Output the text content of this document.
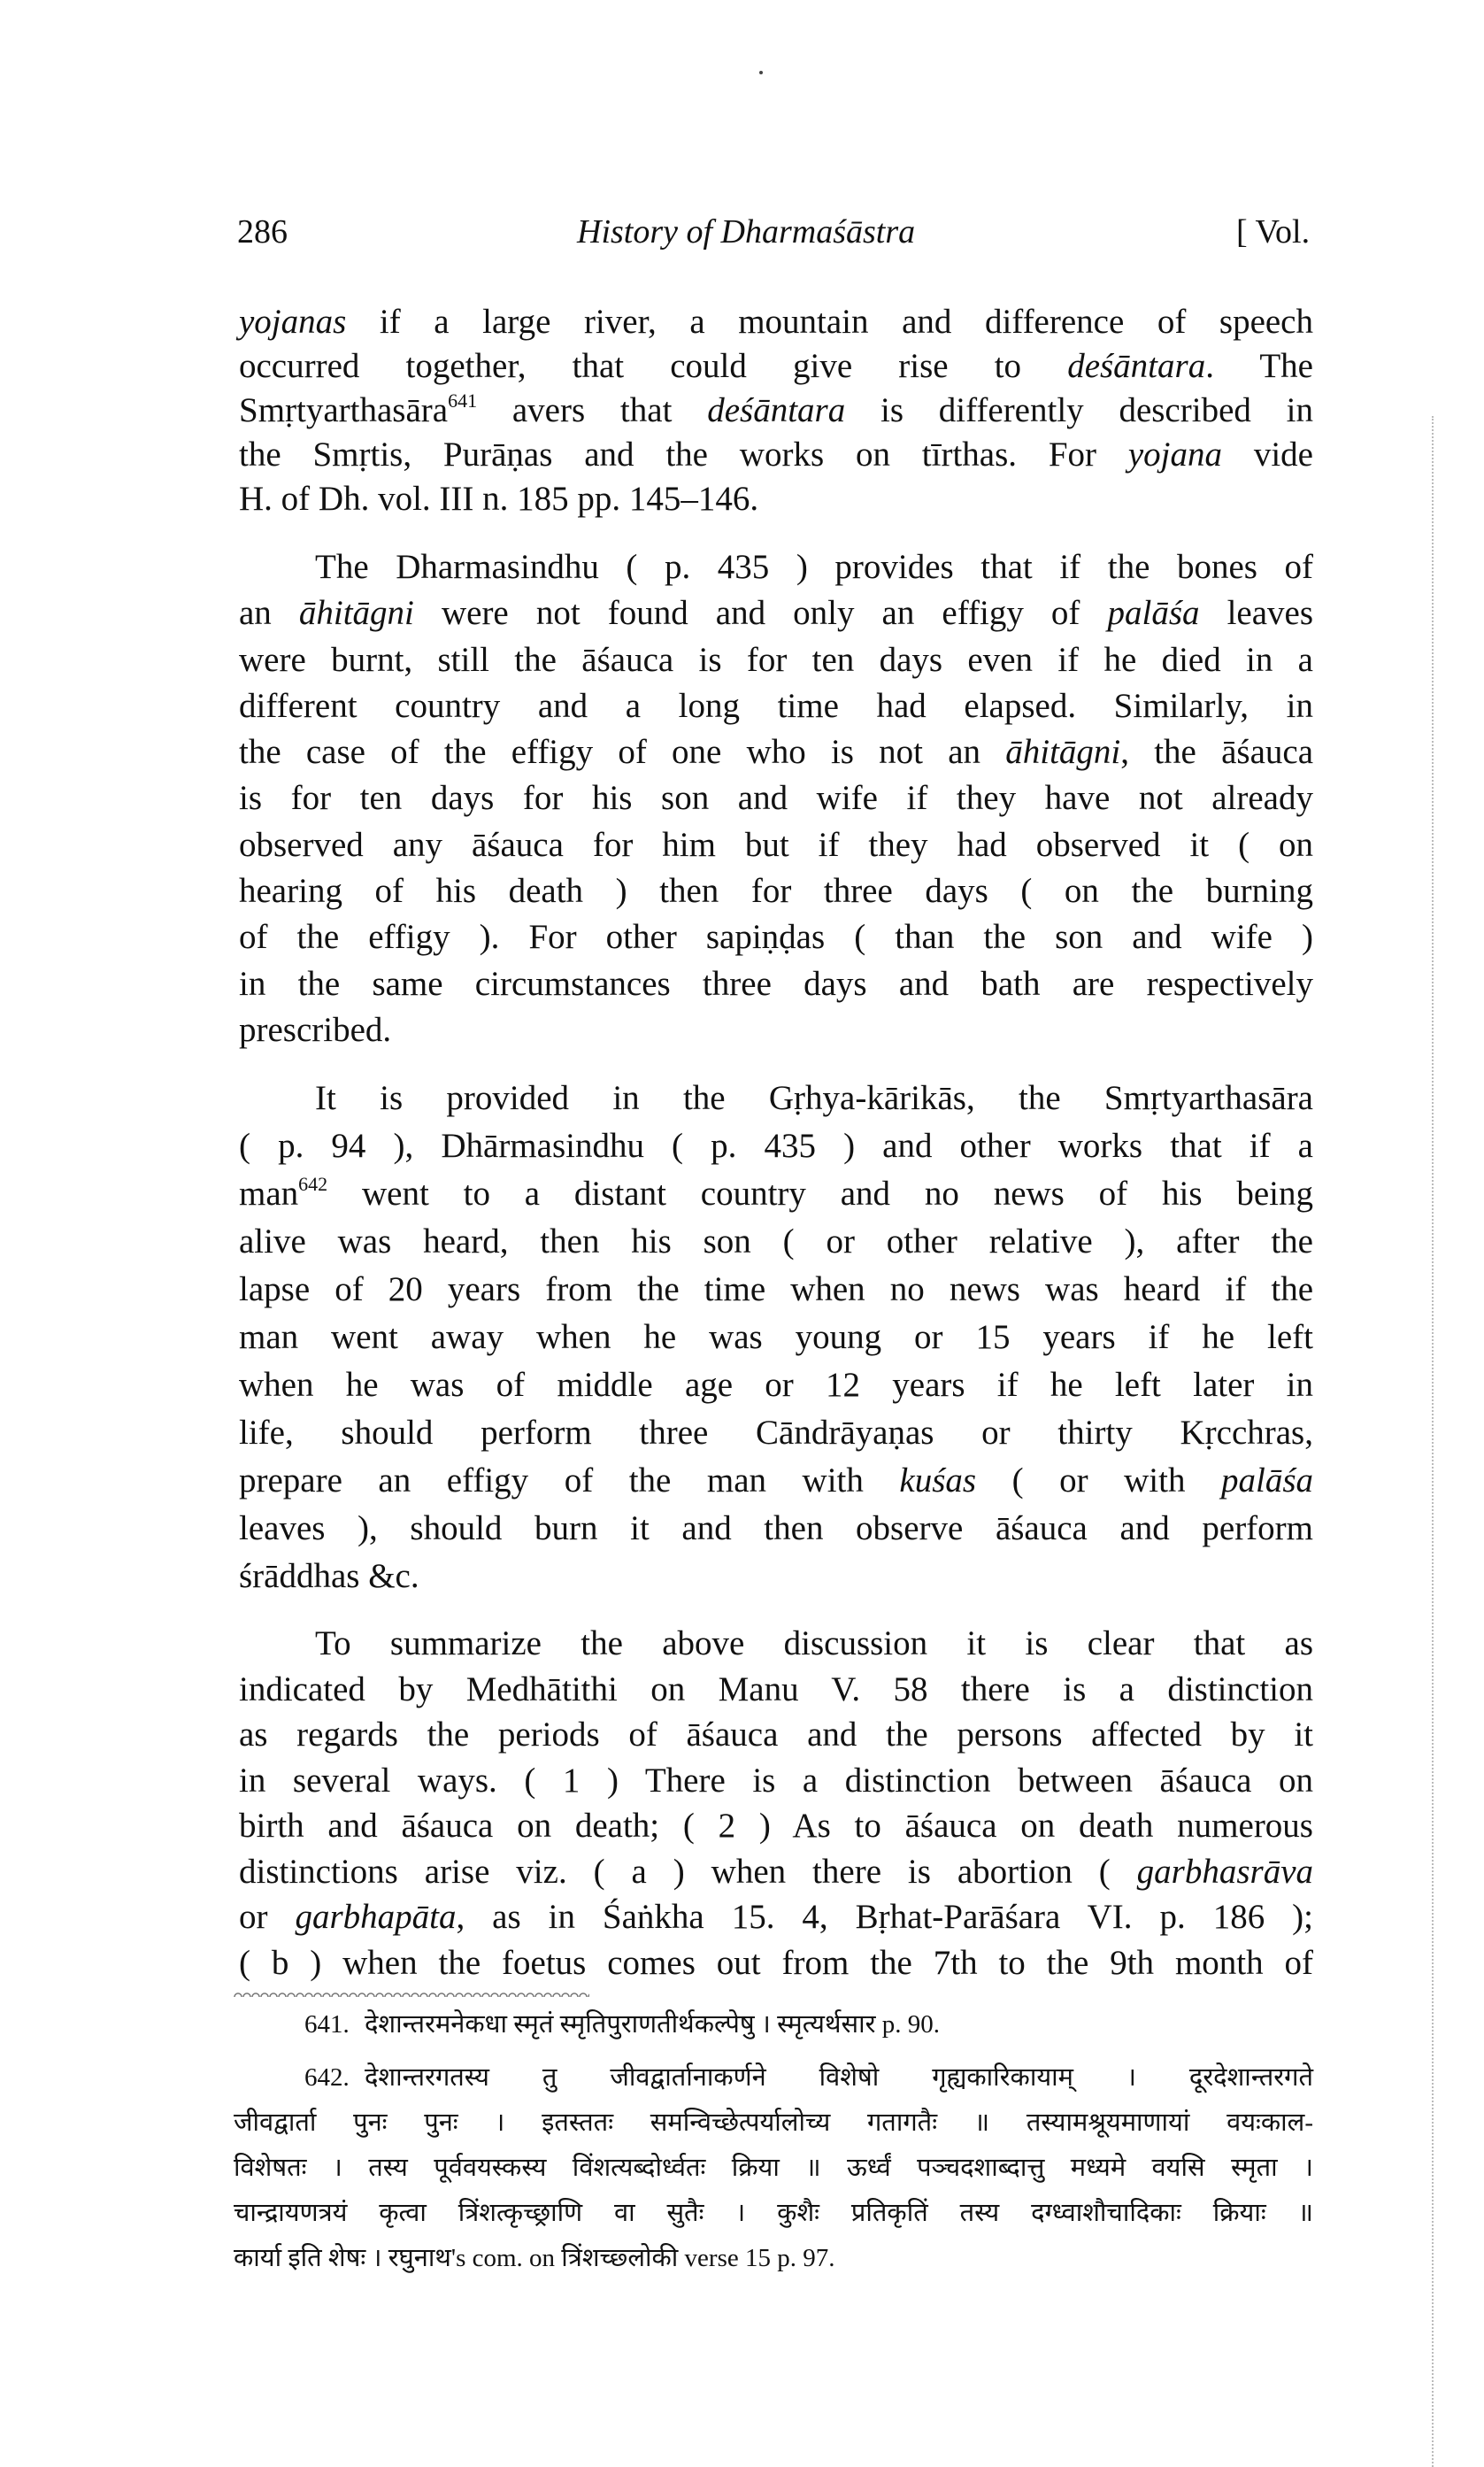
286	History of Dharmaśāstra	[ Vol.
yojanas if a large river, a mountain and difference of speech
occurred together, that could give rise to deśāntara. The
Smṛtyarthasāra$^{641}$ avers that deśāntara is differently described in
the Smṛtis, Purāṇas and the works on tīrthas. For yojana vide
H. of Dh. vol. III n. 185 pp. 145–146.
The Dharmasindhu ( p. 435 ) provides that if the bones of
an āhitāgni were not found and only an effigy of palāśa leaves
were burnt, still the āśauca is for ten days even if he died in a
different country and a long time had elapsed. Similarly, in
the case of the effigy of one who is not an āhitāgni, the āśauca
is for ten days for his son and wife if they have not already
observed any āśauca for him but if they had observed it ( on
hearing of his death ) then for three days ( on the burning
of the effigy ). For other sapiṇḍas ( than the son and wife )
in the same circumstances three days and bath are respectively
prescribed.
It is provided in the Gṛhya-kārikās, the Smṛtyarthasāra
( p. 94 ), Dhārmasindhu ( p. 435 ) and other works that if a
man$^{642}$ went to a distant country and no news of his being
alive was heard, then his son ( or other relative ), after the
lapse of 20 years from the time when no news was heard if the
man went away when he was young or 15 years if he left
when he was of middle age or 12 years if he left later in
life, should perform three Cāndrāyaṇas or thirty Kṛcchras,
prepare an effigy of the man with kuśas ( or with palāśa
leaves ), should burn it and then observe āśauca and perform
śrāddhas &c.
To summarize the above discussion it is clear that as
indicated by Medhātithi on Manu V. 58 there is a distinction
as regards the periods of āśauca and the persons affected by it
in several ways. ( 1 ) There is a distinction between āśauca on
birth and āśauca on death; ( 2 ) As to āśauca on death numerous
distinctions arise viz. ( a ) when there is abortion ( garbhasrāva
or garbhapāta, as in Śaṅkha 15. 4, Bṛhat-Parāśara VI. p. 186 );
( b ) when the foetus comes out from the 7th to the 9th month of
641. देशान्तरमनेकधा स्मृतं स्मृतिपुराणतीर्थकल्पेषु । स्मृत्यर्थसार p. 90.
642. देशान्तरगतस्य तु जीवद्वार्तानाकर्णने विशेषो गृह्यकारिकायाम् । दूरदेशान्तरगते
जीवद्वार्ता पुनः पुनः । इतस्ततः समन्विच्छेत्पर्यालोच्य गतागतैः ॥ तस्यामश्रूयमाणायां वयःकाल-
विशेषतः । तस्य पूर्ववयस्कस्य विंशत्यब्दोर्ध्वतः क्रिया ॥ ऊर्ध्वं पञ्चदशाब्दात्तु मध्यमे वयसि स्मृता ।
चान्द्रायणत्रयं कृत्वा त्रिंशत्कृच्छ्राणि वा सुतैः । कुशैः प्रतिकृतिं तस्य दग्ध्वाशौचादिकाः क्रियाः ॥
कार्या इति शेषः । रघुनाथ's com. on त्रिंशच्छ्लोकी verse 15 p. 97.
